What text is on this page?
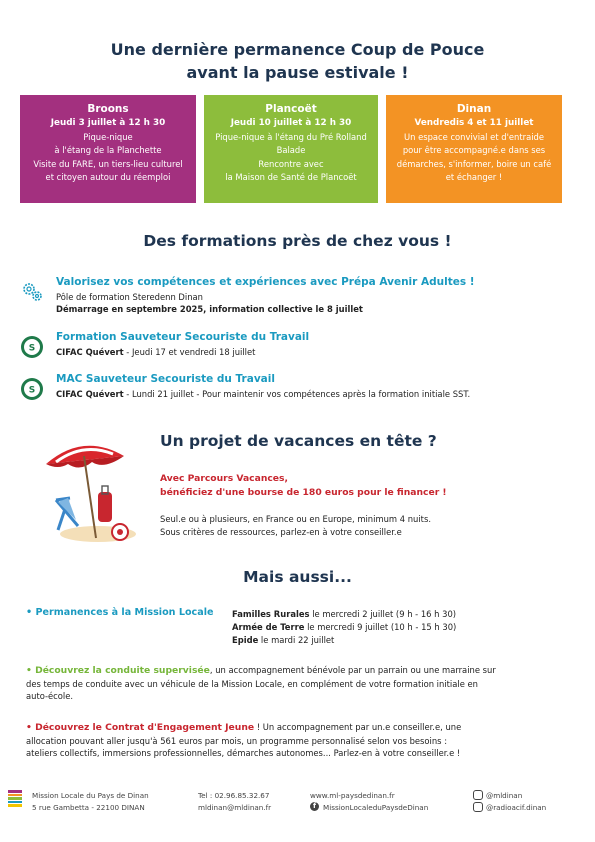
Une dernière permanence Coup de Pouce
avant la pause estivale !
Broons
Jeudi 3 juillet à 12 h 30
Pique-nique
à l'étang de la Planchette
Visite du FARE, un tiers-lieu culturel
et citoyen autour du réemploi
Plancoët
Jeudi 10 juillet à 12 h 30
Pique-nique à l'étang du Pré Rolland
Balade
Rencontre avec
la Maison de Santé de Plancoët
Dinan
Vendredis 4 et 11 juillet
Un espace convivial et d'entraide
pour être accompagné.e dans ses
démarches, s'informer, boire un café
et échanger !
Des formations près de chez vous !
Valorisez vos compétences et expériences avec Prépa Avenir Adultes !
Pôle de formation Steredenn Dinan
Démarrage en septembre 2025, information collective le 8 juillet
S
Formation Sauveteur Secouriste du Travail
CIFAC Quévert - Jeudi 17 et vendredi 18 juillet
S
MAC Sauveteur Secouriste du Travail
CIFAC Quévert - Lundi 21 juillet - Pour maintenir vos compétences après la formation initiale SST.
Un projet de vacances en tête ?
Avec Parcours Vacances,
bénéficiez d'une bourse de 180 euros pour le financer !
Seul.e ou à plusieurs, en France ou en Europe, minimum 4 nuits.
Sous critères de ressources, parlez-en à votre conseiller.e
Mais aussi...
• Permanences à la Mission Locale Familles Rurales le mercredi 2 juillet (9 h - 16 h 30)
Armée de Terre le mercredi 9 juillet (10 h - 15 h 30)
Epide le mardi 22 juillet
• Découvrez la conduite supervisée, un accompagnement bénévole par un parrain ou une marraine sur
des temps de conduite avec un véhicule de la Mission Locale, en complément de votre formation initiale en
auto-école.
• Découvrez le Contrat d'Engagement Jeune ! Un accompagnement par un.e conseiller.e, une
allocation pouvant aller jusqu'à 561 euros par mois, un programme personnalisé selon vos besoins :
ateliers collectifs, immersions professionnelles, démarches autonomes... Parlez-en à votre conseiller.e !
Mission Locale du Pays de Dinan
5 rue Gambetta - 22100 DINAN
Tel : 02.96.85.32.67
mldinan@mldinan.fr
www.ml-paysdedinan.fr
f MissionLocaleduPaysdeDinan
@mldinan
@radioacif.dinan
